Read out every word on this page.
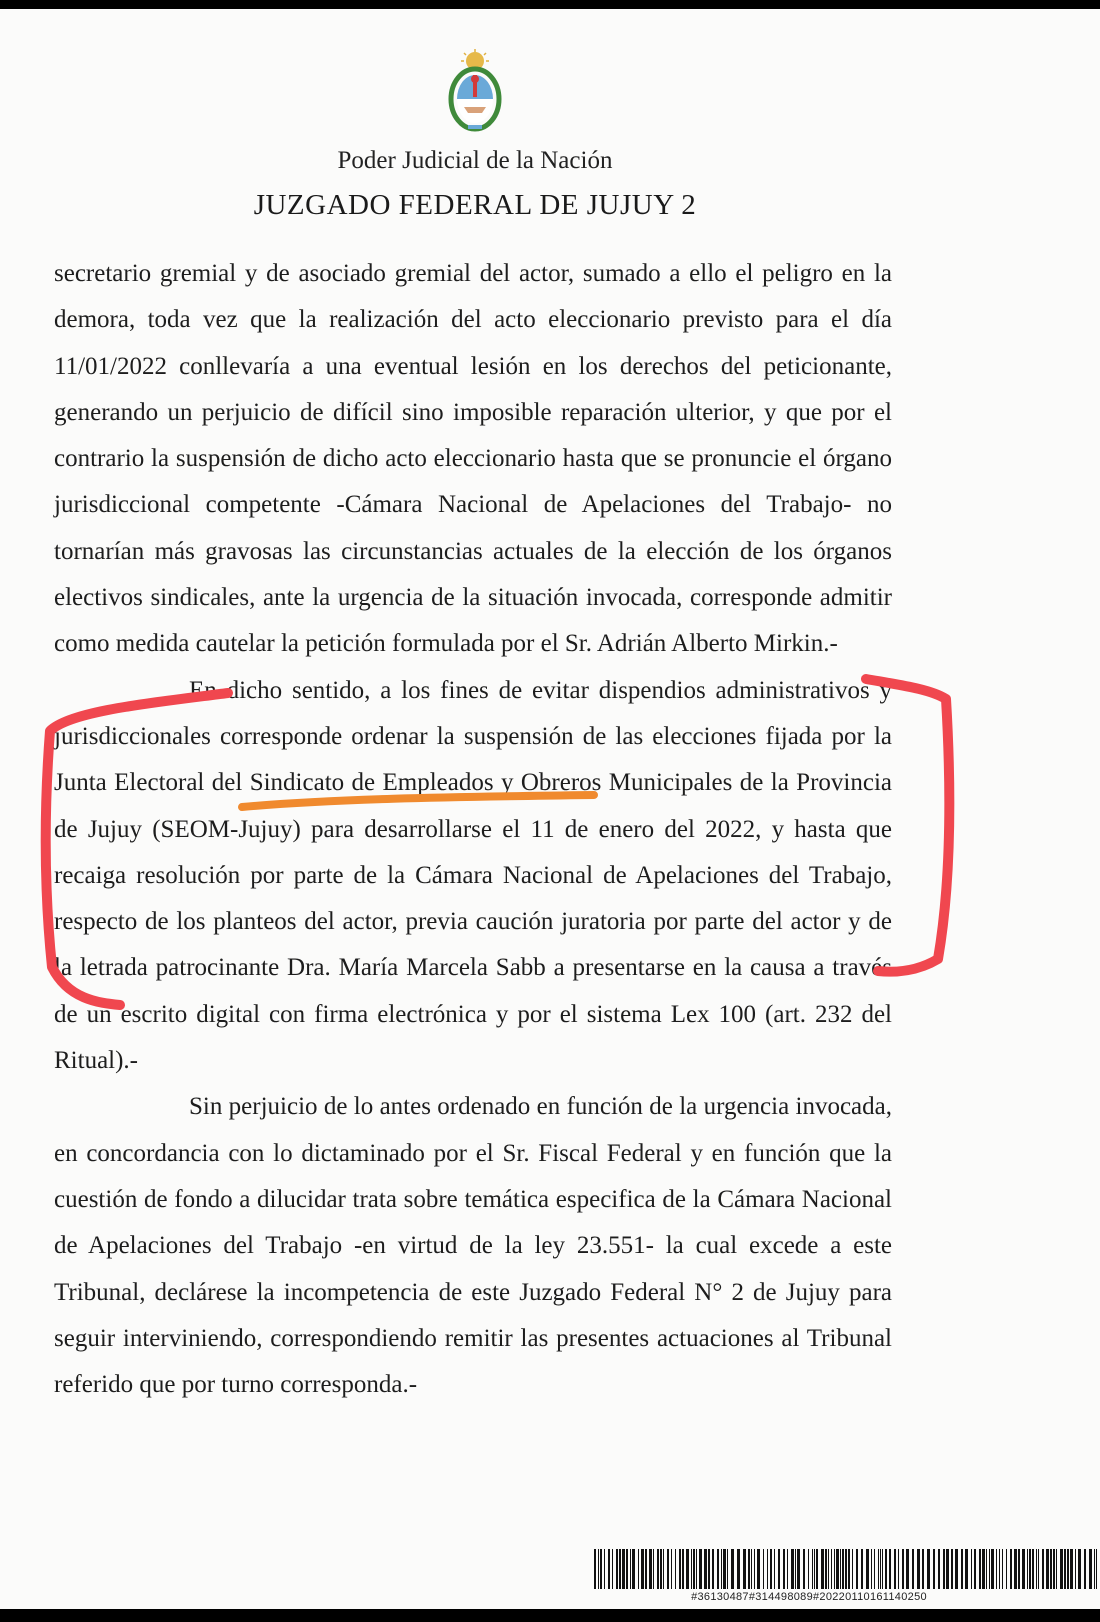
Poder Judicial de la Nación
JUZGADO FEDERAL DE JUJUY 2

secretario gremial y de asociado gremial del actor, sumado a ello el peligro en la demora, toda vez que la realización del acto eleccionario previsto para el día 11/01/2022 conllevaría a una eventual lesión en los derechos del peticionante, generando un perjuicio de difícil sino imposible reparación ulterior, y que por el contrario la suspensión de dicho acto eleccionario hasta que se pronuncie el órgano jurisdiccional competente -Cámara Nacional de Apelaciones del Trabajo- no tornarían más gravosas las circunstancias actuales de la elección de los órganos electivos sindicales, ante la urgencia de la situación invocada, corresponde admitir como medida cautelar la petición formulada por el Sr. Adrián Alberto Mirkin.-

En dicho sentido, a los fines de evitar dispendios administrativos y jurisdiccionales corresponde ordenar la suspensión de las elecciones fijada por la Junta Electoral del Sindicato de Empleados y Obreros Municipales de la Provincia de Jujuy (SEOM-Jujuy) para desarrollarse el 11 de enero del 2022, y hasta que recaiga resolución por parte de la Cámara Nacional de Apelaciones del Trabajo, respecto de los planteos del actor, previa caución juratoria por parte del actor y de la letrada patrocinante Dra. María Marcela Sabb a presentarse en la causa a través de un escrito digital con firma electrónica y por el sistema Lex 100 (art. 232 del Ritual).-

Sin perjuicio de lo antes ordenado en función de la urgencia invocada, en concordancia con lo dictaminado por el Sr. Fiscal Federal y en función que la cuestión de fondo a dilucidar trata sobre temática especifica de la Cámara Nacional de Apelaciones del Trabajo -en virtud de la ley 23.551- la cual excede a este Tribunal, declárese la incompetencia de este Juzgado Federal N° 2 de Jujuy para seguir interviniendo, correspondiendo remitir las presentes actuaciones al Tribunal referido que por turno corresponda.-

#36130487#314498089#20220110161140250
